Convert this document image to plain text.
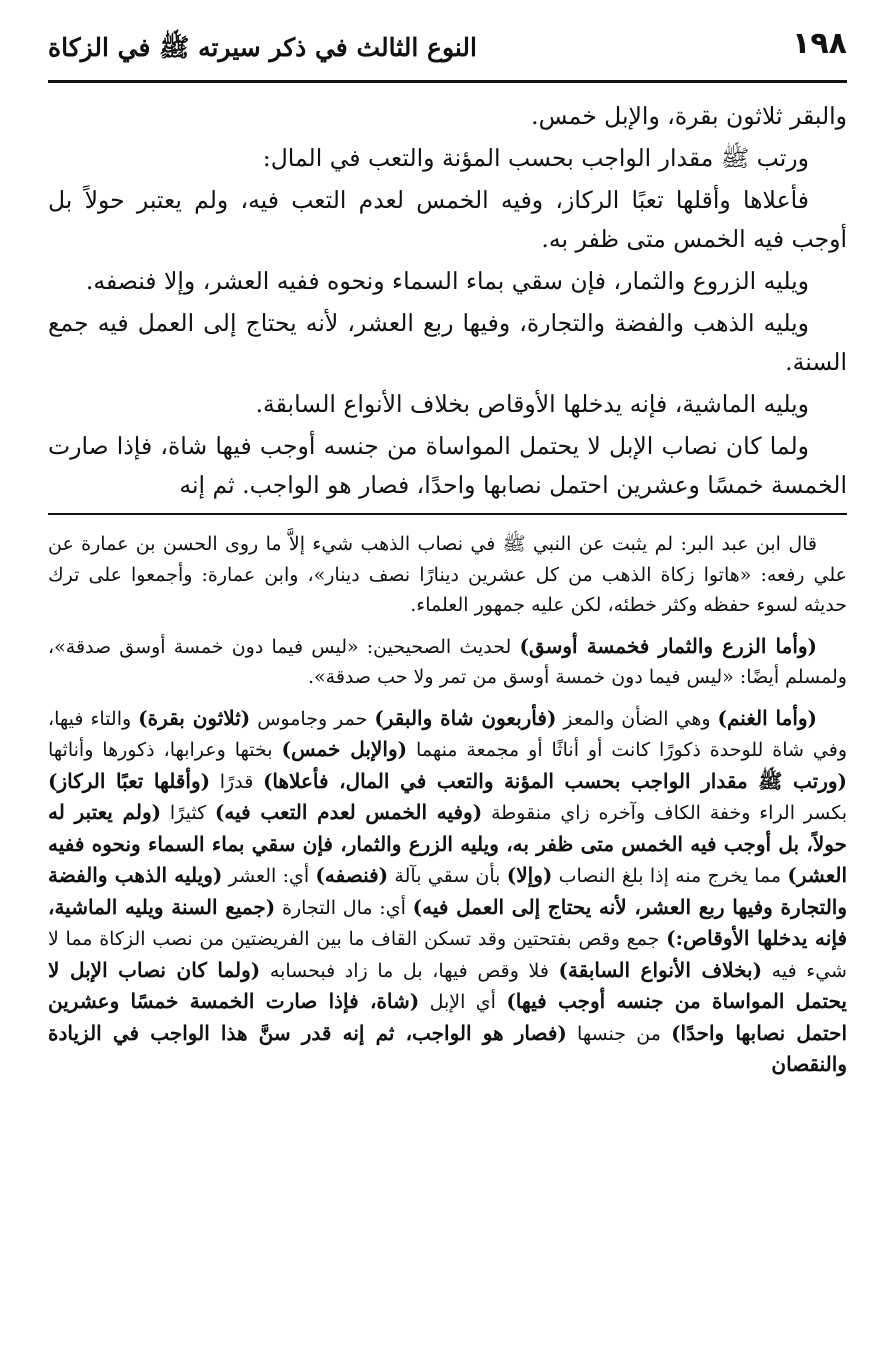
١٩٨
النوع الثالث في ذكر سيرته ﷺ في الزكاة

والبقر ثلاثون بقرة، والإبل خمس.

ورتب ﷺ مقدار الواجب بحسب المؤنة والتعب في المال:

فأعلاها وأقلها تعبًا الركاز، وفيه الخمس لعدم التعب فيه، ولم يعتبر حولاً بل أوجب فيه الخمس متى ظفر به.

ويليه الزروع والثمار، فإن سقي بماء السماء ونحوه ففيه العشر، وإلا فنصفه.

ويليه الذهب والفضة والتجارة، وفيها ربع العشر، لأنه يحتاج إلى العمل فيه جمع السنة.

ويليه الماشية، فإنه يدخلها الأوقاص بخلاف الأنواع السابقة.

ولما كان نصاب الإبل لا يحتمل المواساة من جنسه أوجب فيها شاة، فإذا صارت الخمسة خمسًا وعشرين احتمل نصابها واحدًا، فصار هو الواجب. ثم إنه

قال ابن عبد البر: لم يثبت عن النبي ﷺ في نصاب الذهب شيء إلاَّ ما روى الحسن بن عمارة عن علي رفعه: «هاتوا زكاة الذهب من كل عشرين دينارًا نصف دينار»، وابن عمارة: وأجمعوا على ترك حديثه لسوء حفظه وكثر خطئه، لكن عليه جمهور العلماء.

(وأما الزرع والثمار فخمسة أوسق) لحديث الصحيحين: «ليس فيما دون خمسة أوسق صدقة»، ولمسلم أيضًا: «ليس فيما دون خمسة أوسق من تمر ولا حب صدقة».

(وأما الغنم) وهي الضأن والمعز (فأربعون شاة والبقر) حمر وجاموس (ثلاثون بقرة) والتاء فيها، وفي شاة للوحدة ذكورًا كانت أو أناثًا أو مجمعة منهما (والإبل خمس) بختها وعرابها، ذكورها وأناثها (ورتب ﷺ مقدار الواجب بحسب المؤنة والتعب في المال، فأعلاها) قدرًا (وأقلها تعبًا الركاز) بكسر الراء وخفة الكاف وآخره زاي منقوطة (وفيه الخمس لعدم التعب فيه) كثيرًا (ولم يعتبر له حولاً، بل أوجب فيه الخمس متى ظفر به، ويليه الزرع والثمار، فإن سقي بماء السماء ونحوه ففيه العشر) مما يخرج منه إذا بلغ النصاب (وإلا) بأن سقي بآلة (فنصفه) أي: العشر (ويليه الذهب والفضة والتجارة وفيها ربع العشر، لأنه يحتاج إلى العمل فيه) أي: مال التجارة (جميع السنة ويليه الماشية، فإنه يدخلها الأوقاص:) جمع وقص بفتحتين وقد تسكن القاف ما بين الفريضتين من نصب الزكاة مما لا شيء فيه (بخلاف الأنواع السابقة) فلا وقص فيها، بل ما زاد فبحسابه (ولما كان نصاب الإبل لا يحتمل المواساة من جنسه أوجب فيها) أي الإبل (شاة، فإذا صارت الخمسة خمسًا وعشرين احتمل نصابها واحدًا) من جنسها (فصار هو الواجب، ثم إنه قدر سنَّ هذا الواجب في الزيادة والنقصان
